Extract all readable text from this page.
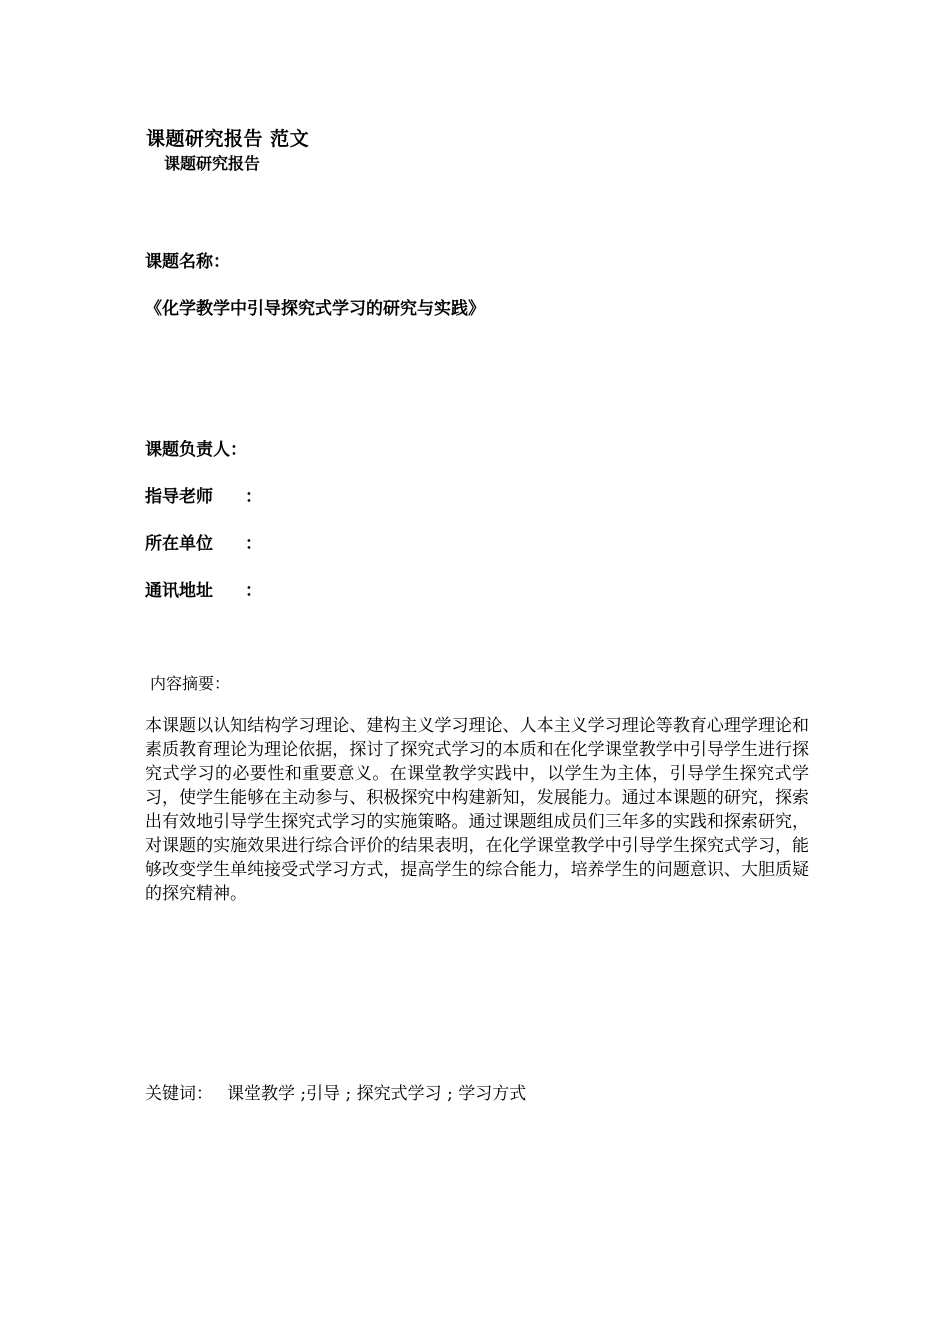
课题研究报告 范文
课题研究报告
课题名称：
《化学教学中引导探究式学习的研究与实践》
课题负责人：
指导老师 ：
所在单位 ：
通讯地址 ：
内容摘要：
本课题以认知结构学习理论、建构主义学习理论、人本主义学习理论等教育心理学理论和素质教育理论为理论依据，探讨了探究式学习的本质和在化学课堂教学中引导学生进行探究式学习的必要性和重要意义。在课堂教学实践中，以学生为主体，引导学生探究式学习，使学生能够在主动参与、积极探究中构建新知，发展能力。通过本课题的研究，探索出有效地引导学生探究式学习的实施策略。通过课题组成员们三年多的实践和探索研究，对课题的实施效果进行综合评价的结果表明，在化学课堂教学中引导学生探究式学习，能够改变学生单纯接受式学习方式，提高学生的综合能力，培养学生的问题意识、大胆质疑的探究精神。
关键词： 课堂教学 ;引导 ; 探究式学习 ; 学习方式
